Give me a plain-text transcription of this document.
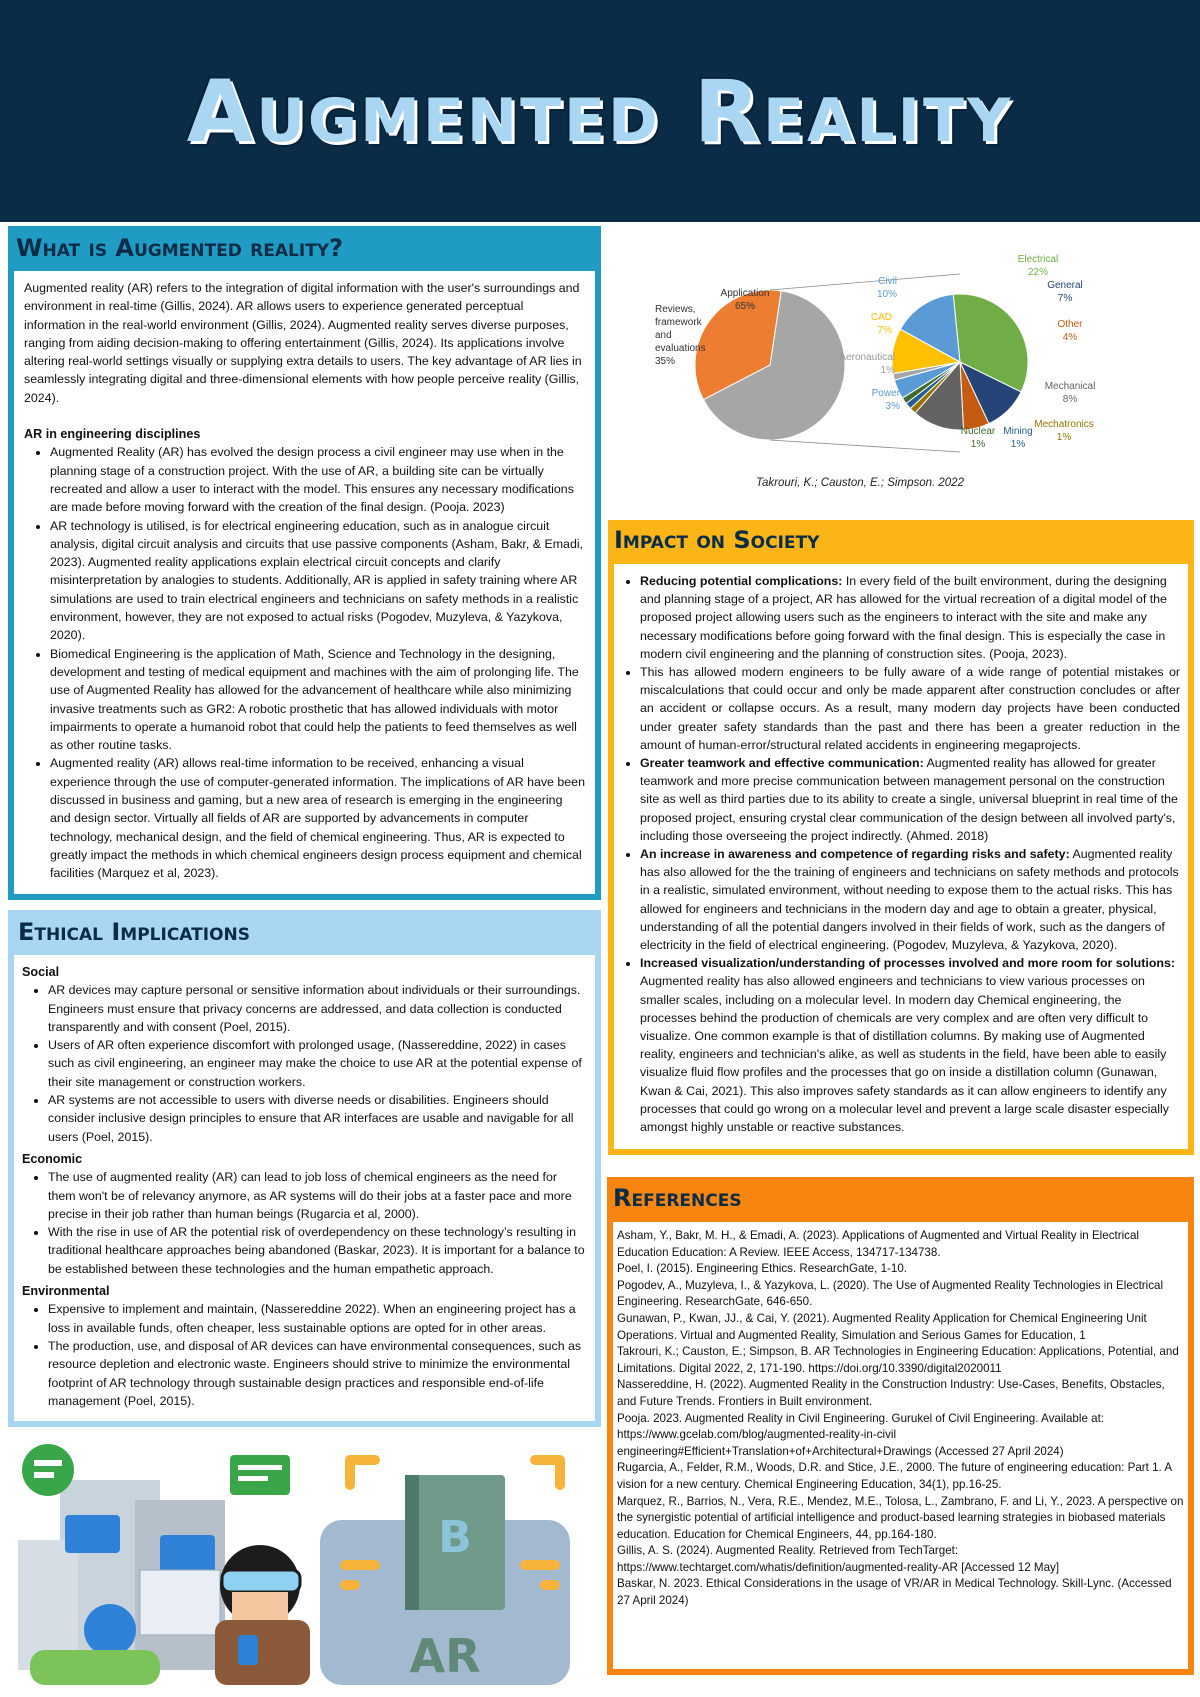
Augmented Reality
What is Augmented reality?

Augmented reality (AR) refers to the integration of digital information with the user's surroundings and environment in real-time (Gillis, 2024). AR allows users to experience generated perceptual information in the real-world environment (Gillis, 2024). Augmented reality serves diverse purposes, ranging from aiding decision-making to offering entertainment (Gillis, 2024). Its applications involve altering real-world settings visually or supplying extra details to users. The key advantage of AR lies in seamlessly integrating digital and three-dimensional elements with how people perceive reality (Gillis, 2024).

AR in engineering disciplines
• Augmented Reality (AR) has evolved the design process a civil engineer may use when in the planning stage of a construction project. With the use of AR, a building site can be virtually recreated and allow a user to interact with the model. This ensures any necessary modifications are made before moving forward with the creation of the final design. (Pooja. 2023)
• AR technology is utilised, is for electrical engineering education, such as in analogue circuit analysis, digital circuit analysis and circuits that use passive components (Asham, Bakr, & Emadi, 2023). Augmented reality applications explain electrical circuit concepts and clarify misinterpretation by analogies to students. Additionally, AR is applied in safety training where AR simulations are used to train electrical engineers and technicians on safety methods in a realistic environment, however, they are not exposed to actual risks (Pogodev, Muzyleva, & Yazykova, 2020).
• Biomedical Engineering is the application of Math, Science and Technology in the designing, development and testing of medical equipment and machines with the aim of prolonging life. The use of Augmented Reality has allowed for the advancement of healthcare while also minimizing invasive treatments such as GR2: A robotic prosthetic that has allowed individuals with motor impairments to operate a humanoid robot that could help the patients to feed themselves as well as other routine tasks.
• Augmented reality (AR) allows real-time information to be received, enhancing a visual experience through the use of computer-generated information. The implications of AR have been discussed in business and gaming, but a new area of research is emerging in the engineering and design sector. Virtually all fields of AR are supported by advancements in computer technology, mechanical design, and the field of chemical engineering. Thus, AR is expected to greatly impact the methods in which chemical engineers design process equipment and chemical facilities (Marquez et al, 2023).
Ethical Implications
Social
• AR devices may capture personal or sensitive information about individuals or their surroundings. Engineers must ensure that privacy concerns are addressed, and data collection is conducted transparently and with consent (Poel, 2015).
• Users of AR often experience discomfort with prolonged usage, (Nassereddine, 2022) in cases such as civil engineering, an engineer may make the choice to use AR at the potential expense of their site management or construction workers.
• AR systems are not accessible to users with diverse needs or disabilities. Engineers should consider inclusive design principles to ensure that AR interfaces are usable and navigable for all users (Poel, 2015).
Economic
• The use of augmented reality (AR) can lead to job loss of chemical engineers as the need for them won't be of relevancy anymore, as AR systems will do their jobs at a faster pace and more precise in their job rather than human beings (Rugarcia et al, 2000).
• With the rise in use of AR the potential risk of overdependency on these technology’s resulting in traditional healthcare approaches being abandoned (Baskar, 2023). It is important for a balance to be established between these technologies and the human empathetic approach.
Environmental
• Expensive to implement and maintain, (Nassereddine 2022). When an engineering project has a loss in available funds, often cheaper, less sustainable options are opted for in other areas.
• The production, use, and disposal of AR devices can have environmental consequences, such as resource depletion and electronic waste. Engineers should strive to minimize the environmental footprint of AR technology through sustainable design practices and responsible end-of-life management (Poel, 2015).
Application 65%
Reviews, framework and evaluations 35%
Electrical 22%
General 7%
Other 4%
Mechanical 8%
Mechatronics 1%
Mining 1%
Nuclear 1%
Power 3%
Aeronautical 1%
CAD 7%
Civil 10%
Takrouri, K.; Causton, E.; Simpson. 2022
Impact on Society
• Reducing potential complications: In every field of the built environment, during the designing and planning stage of a project, AR has allowed for the virtual recreation of a digital model of the proposed project allowing users such as the engineers to interact with the site and make any necessary modifications before going forward with the final design. This is especially the case in modern civil engineering and the planning of construction sites. (Pooja, 2023).
• This has allowed modern engineers to be fully aware of a wide range of potential mistakes or miscalculations that could occur and only be made apparent after construction concludes or after an accident or collapse occurs. As a result, many modern day projects have been conducted under greater safety standards than the past and there has been a greater reduction in the amount of human-error/structural related accidents in engineering megaprojects.
• Greater teamwork and effective communication: Augmented reality has allowed for greater teamwork and more precise communication between management personal on the construction site as well as third parties due to its ability to create a single, universal blueprint in real time of the proposed project, ensuring crystal clear communication of the design between all involved party's, including those overseeing the project indirectly. (Ahmed. 2018)
• An increase in awareness and competence of regarding risks and safety: Augmented reality has also allowed for the the training of engineers and technicians on safety methods and protocols in a realistic, simulated environment, without needing to expose them to the actual risks. This has allowed for engineers and technicians in the modern day and age to obtain a greater, physical, understanding of all the potential dangers involved in their fields of work, such as the dangers of electricity in the field of electrical engineering. (Pogodev, Muzyleva, & Yazykova, 2020).
• Increased visualization/understanding of processes involved and more room for solutions: Augmented reality has also allowed engineers and technicians to view various processes on smaller scales, including on a molecular level. In modern day Chemical engineering, the processes behind the production of chemicals are very complex and are often very difficult to visualize. One common example is that of distillation columns. By making use of Augmented reality, engineers and technician's alike, as well as students in the field, have been able to easily visualize fluid flow profiles and the processes that go on inside a distillation column (Gunawan, Kwan & Cai, 2021). This also improves safety standards as it can allow engineers to identify any processes that could go wrong on a molecular level and prevent a large scale disaster especially amongst highly unstable or reactive substances.
References

Asham, Y., Bakr, M. H., & Emadi, A. (2023). Applications of Augmented and Virtual Reality in Electrical Education Education: A Review. IEEE Access, 134717-134738.

Poel, I. (2015). Engineering Ethics. ResearchGate, 1-10.

Pogodev, A., Muzyleva, I., & Yazykova, L. (2020). The Use of Augmented Reality Technologies in Electrical Engineering. ResearchGate, 646-650.

Gunawan, P., Kwan, JJ., & Cai, Y. (2021). Augmented Reality Application for Chemical Engineering Unit Operations. Virtual and Augmented Reality, Simulation and Serious Games for Education, 1

Takrouri, K.; Causton, E.; Simpson, B. AR Technologies in Engineering Education: Applications, Potential, and Limitations. Digital 2022, 2, 171-190. https://doi.org/10.3390/digital2020011

Nassereddine, H. (2022). Augmented Reality in the Construction Industry: Use-Cases, Benefits, Obstacles, and Future Trends. Frontiers in Built environment.

Pooja. 2023. Augmented Reality in Civil Engineering. Gurukel of Civil Engineering. Available at: https://www.gcelab.com/blog/augmented-reality-in-civil engineering#Efficient+Translation+of+Architectural+Drawings (Accessed 27 April 2024)

Rugarcia, A., Felder, R.M., Woods, D.R. and Stice, J.E., 2000. The future of engineering education: Part 1. A vision for a new century. Chemical Engineering Education, 34(1), pp.16-25.

Marquez, R., Barrios, N., Vera, R.E., Mendez, M.E., Tolosa, L., Zambrano, F. and Li, Y., 2023. A perspective on the synergistic potential of artificial intelligence and product-based learning strategies in biobased materials education. Education for Chemical Engineers, 44, pp.164-180.

Gillis, A. S. (2024). Augmented Reality. Retrieved from TechTarget: https://www.techtarget.com/whatis/definition/augmented-reality-AR [Accessed 12 May]

Baskar, N. 2023. Ethical Considerations in the usage of VR/AR in Medical Technology. Skill-Lync. (Accessed 27 April 2024)

B
AR
